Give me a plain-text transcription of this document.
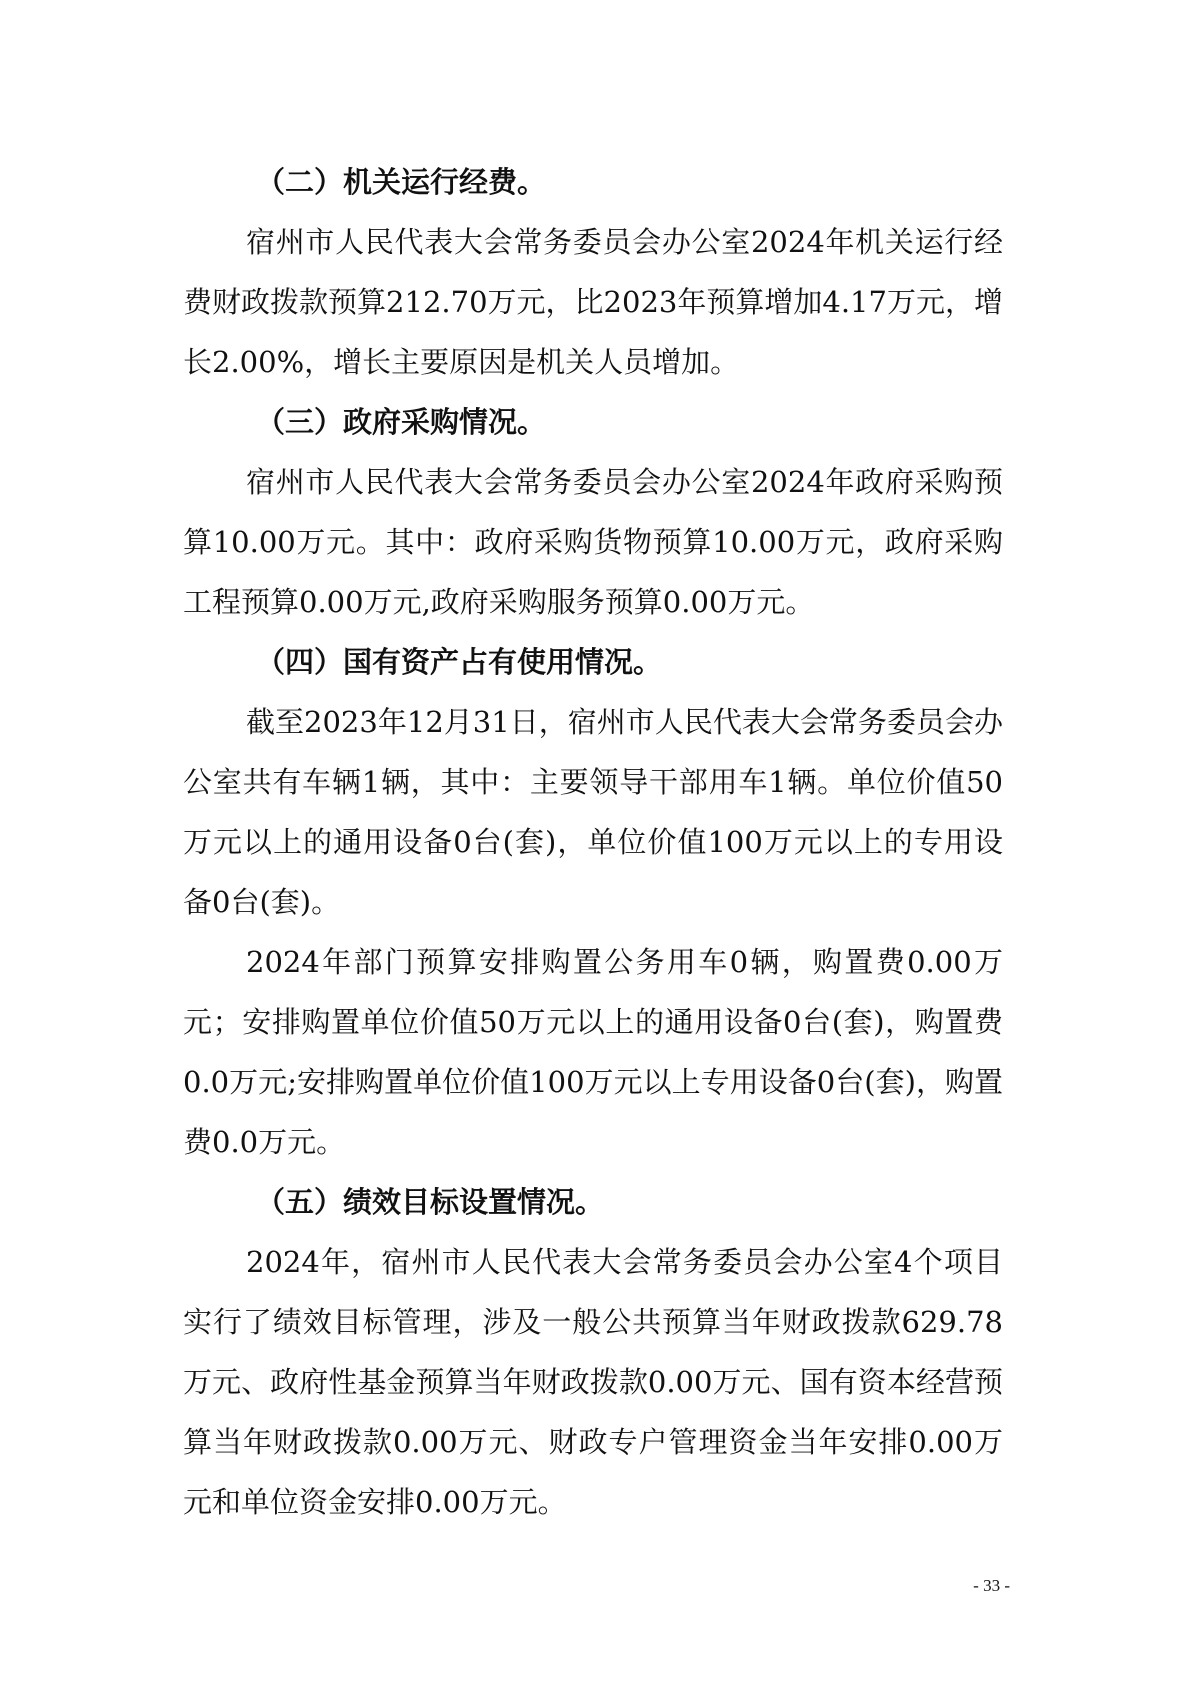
（二）机关运行经费。

宿州市人民代表大会常务委员会办公室2024年机关运行经费财政拨款预算212.70万元，比2023年预算增加4.17万元，增长2.00%，增长主要原因是机关人员增加。

（三）政府采购情况。

宿州市人民代表大会常务委员会办公室2024年政府采购预算10.00万元。其中：政府采购货物预算10.00万元，政府采购工程预算0.00万元,政府采购服务预算0.00万元。

（四）国有资产占有使用情况。

截至2023年12月31日，宿州市人民代表大会常务委员会办公室共有车辆1辆，其中：主要领导干部用车1辆。单位价值50万元以上的通用设备0台(套)，单位价值100万元以上的专用设备0台(套)。

2024年部门预算安排购置公务用车0辆，购置费0.00万元；安排购置单位价值50万元以上的通用设备0台(套)，购置费0.0万元;安排购置单位价值100万元以上专用设备0台(套)，购置费0.0万元。

（五）绩效目标设置情况。

2024年，宿州市人民代表大会常务委员会办公室4个项目实行了绩效目标管理，涉及一般公共预算当年财政拨款629.78万元、政府性基金预算当年财政拨款0.00万元、国有资本经营预算当年财政拨款0.00万元、财政专户管理资金当年安排0.00万元和单位资金安排0.00万元。

- 33 -
